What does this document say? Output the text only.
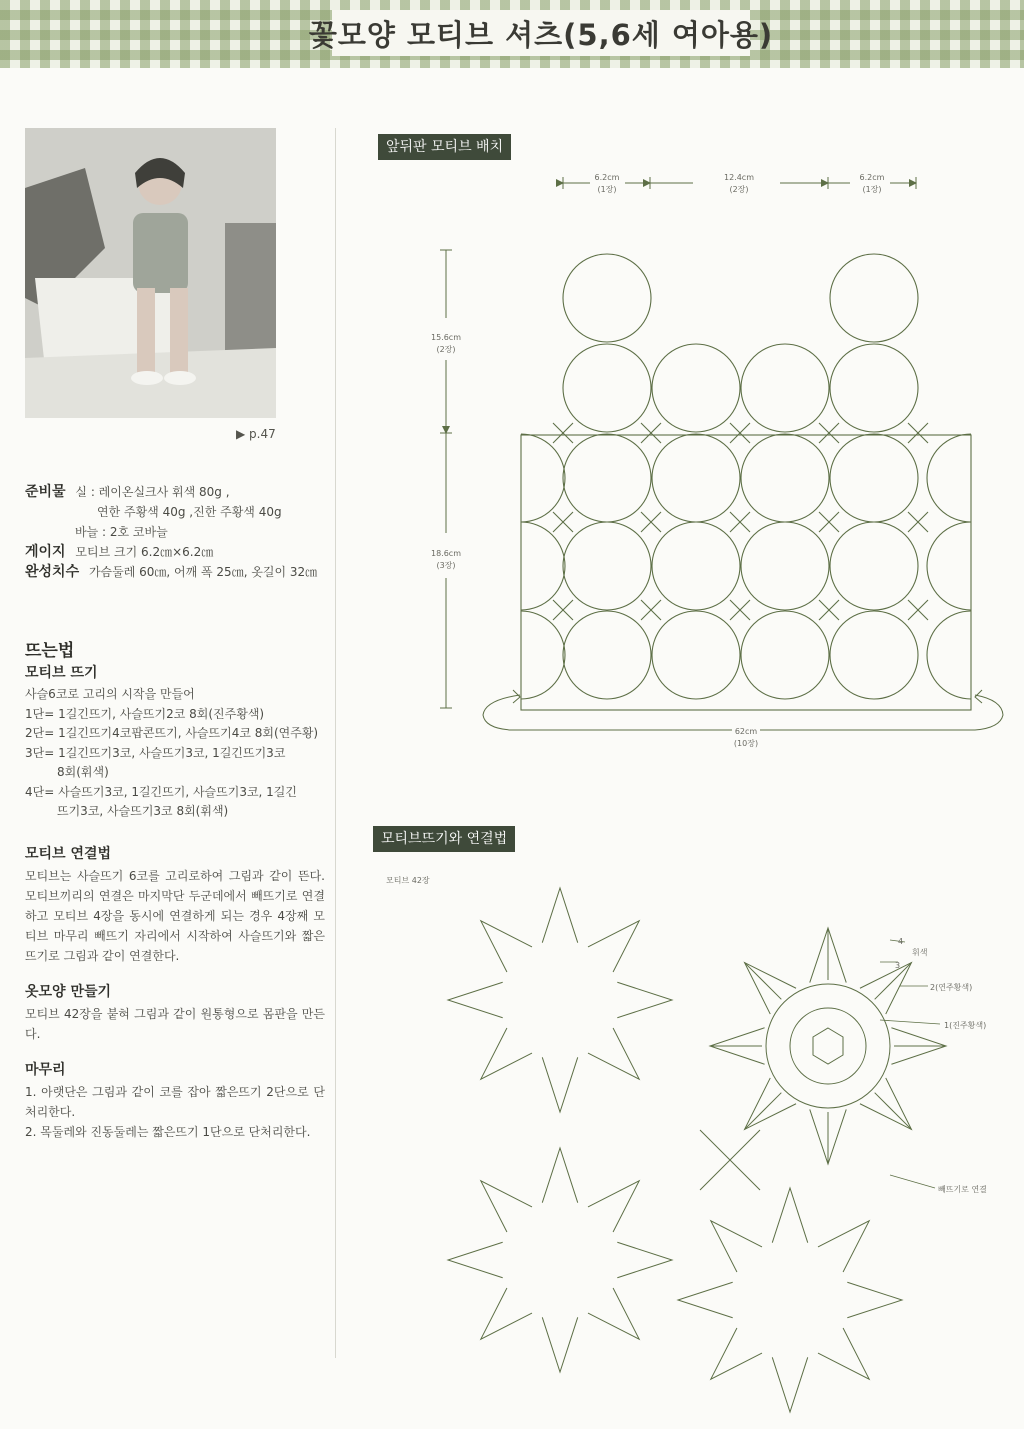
꽃모양 모티브 셔츠(5,6세 여아용)
▶ p.47
준비물 실 : 레이온실크사 휘색 80g ,
연한 주황색 40g ,진한 주황색 40g
바늘 : 2호 코바늘
게이지 모티브 크기 6.2㎝×6.2㎝
완성치수 가슴둘레 60㎝, 어깨 폭 25㎝, 옷길이 32㎝
뜨는법
모티브 뜨기
사슬6코로 고리의 시작을 만들어
1단= 1길긴뜨기, 사슬뜨기2코 8회(진주황색)
2단= 1길긴뜨기4코팝콘뜨기, 사슬뜨기4코 8회(연주황)
3단= 1길긴뜨기3코, 사슬뜨기3코, 1길긴뜨기3코
8회(휘색)
4단= 사슬뜨기3코, 1길긴뜨기, 사슬뜨기3코, 1길긴
뜨기3코, 사슬뜨기3코 8회(휘색)
모티브 연결법
모티브는 사슬뜨기 6코를 고리로하여 그림과 같이 뜬다. 모티브끼리의 연결은 마지막단 두군데에서 빼뜨기로 연결하고 모티브 4장을 동시에 연결하게 되는 경우 4장째 모티브 마무리 빼뜨기 자리에서 시작하여 사슬뜨기와 짧은뜨기로 그림과 같이 연결한다.
옷모양 만들기
모티브 42장을 붙혀 그림과 같이 원통형으로 몸판을 만든다.
마무리
1. 아랫단은 그림과 같이 코를 잡아 짧은뜨기 2단으로 단처리한다.
2. 목둘레와 진동둘레는 짧은뜨기 1단으로 단처리한다.
앞뒤판 모티브 배치
모티브뜨기와 연결법
6.2cm
(1장)
12.4cm
(2장)
6.2cm
(1장)
15.6cm
(2장)
18.6cm
(3장)
62cm
(10장)
모티브 42장
4
휘색
3
2(연주황색)
1(진주황색)
빼뜨기로 연결
